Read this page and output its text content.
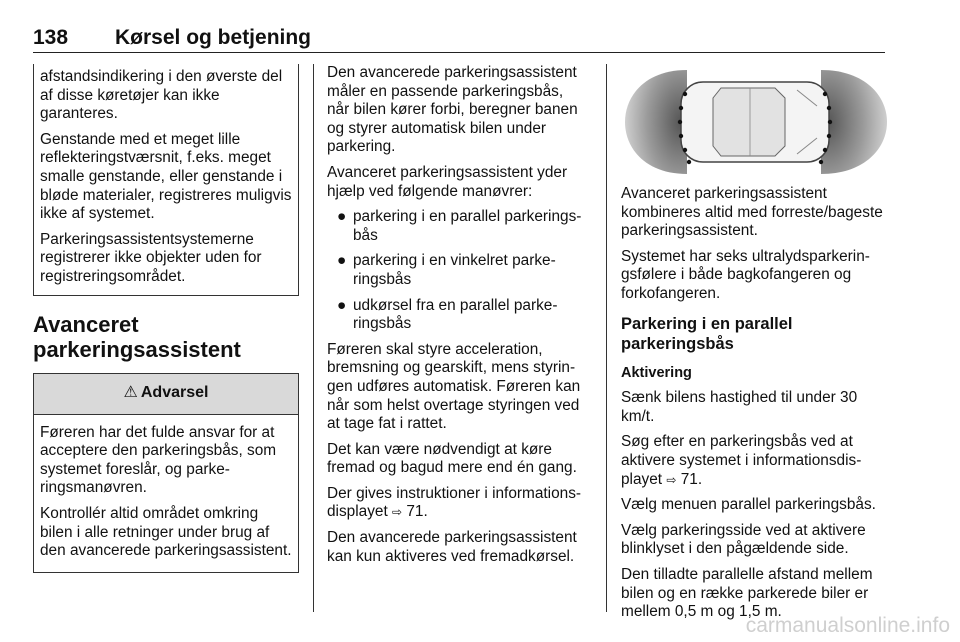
138 Kørsel og betjening

afstandsindikering i den øverste del af disse køretøjer kan ikke garanteres.

Genstande med et meget lille reflekteringstværsnit, f.eks. meget smalle genstande, eller genstande i bløde materialer, registreres muligvis ikke af systemet.

Parkeringsassistentsystemerne registrerer ikke objekter uden for registreringsområdet.

Avanceret
parkeringsassistent
⚠ Advarsel

Føreren har det fulde ansvar for at acceptere den parkeringsbås, som systemet foreslår, og parkeringsmanøvren.

Kontrollér altid området omkring bilen i alle retninger under brug af den avancerede parkeringsassistent.

Den avancerede parkeringsassistent måler en passende parkeringsbås, når bilen kører forbi, beregner banen og styrer automatisk bilen under parkering.

Avanceret parkeringsassistent yder hjælp ved følgende manøvrer:

● parkering i en parallel parkeringsbås
● parkering i en vinkelret parkeringsbås
● udkørsel fra en parallel parkeringsbås

Føreren skal styre acceleration, bremsning og gearskift, mens styringen udføres automatisk. Føreren kan når som helst overtage styringen ved at tage fat i rattet.

Det kan være nødvendigt at køre fremad og bagud mere end én gang.

Der gives instruktioner i informationsdisplayet ⇨ 71.

Den avancerede parkeringsassistent kan kun aktiveres ved fremadkørsel.

Avanceret parkeringsassistent kombineres altid med forreste/bageste parkeringsassistent.

Systemet har seks ultralydsparkeringsfølere i både bagkofangeren og forkofangeren.

Parkering i en parallel
parkeringsbås

Aktivering

Sænk bilens hastighed til under 30 km/t.

Søg efter en parkeringsbås ved at aktivere systemet i informationsdisplayet ⇨ 71.

Vælg menuen parallel parkeringsbås.

Vælg parkeringsside ved at aktivere blinklyset i den pågældende side.

Den tilladte parallelle afstand mellem bilen og en række parkerede biler er mellem 0,5 m og 1,5 m.

carmanualsonline.info
